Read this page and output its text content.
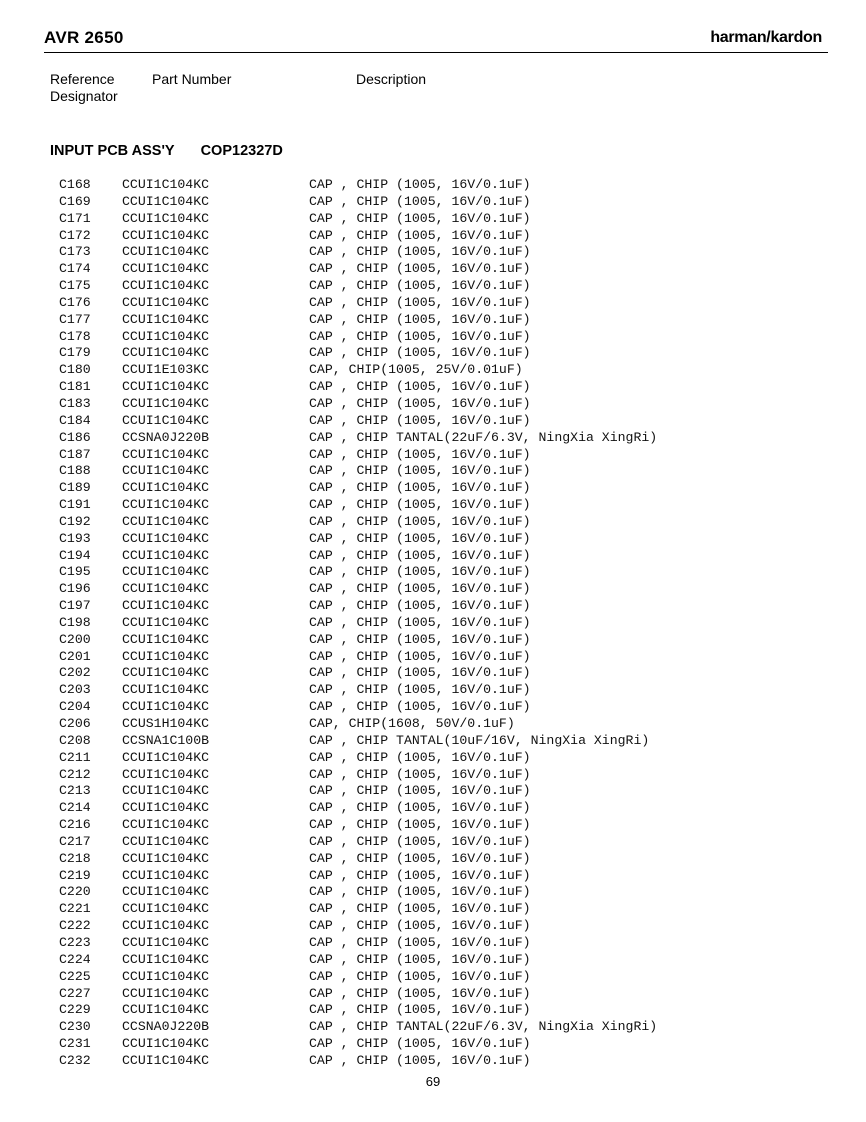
AVR 2650	harman/kardon
Reference
Designator
Part Number	Description
INPUT PCB ASS'Y COP12327D
C168 CCUI1C104KC	CAP , CHIP (1005, 16V/0.1uF)
C169 CCUI1C104KC	CAP , CHIP (1005, 16V/0.1uF)
C171 CCUI1C104KC	CAP , CHIP (1005, 16V/0.1uF)
C172 CCUI1C104KC	CAP , CHIP (1005, 16V/0.1uF)
C173 CCUI1C104KC	CAP , CHIP (1005, 16V/0.1uF)
C174 CCUI1C104KC	CAP , CHIP (1005, 16V/0.1uF)
C175 CCUI1C104KC	CAP , CHIP (1005, 16V/0.1uF)
C176 CCUI1C104KC	CAP , CHIP (1005, 16V/0.1uF)
C177 CCUI1C104KC	CAP , CHIP (1005, 16V/0.1uF)
C178 CCUI1C104KC	CAP , CHIP (1005, 16V/0.1uF)
C179 CCUI1C104KC	CAP , CHIP (1005, 16V/0.1uF)
C180 CCUI1E103KC	CAP, CHIP(1005, 25V/0.01uF)
C181 CCUI1C104KC	CAP , CHIP (1005, 16V/0.1uF)
C183 CCUI1C104KC	CAP , CHIP (1005, 16V/0.1uF)
C184 CCUI1C104KC	CAP , CHIP (1005, 16V/0.1uF)
C186 CCSNA0J220B	CAP , CHIP TANTAL(22uF/6.3V, NingXia XingRi)
C187 CCUI1C104KC	CAP , CHIP (1005, 16V/0.1uF)
C188 CCUI1C104KC	CAP , CHIP (1005, 16V/0.1uF)
C189 CCUI1C104KC	CAP , CHIP (1005, 16V/0.1uF)
C191 CCUI1C104KC	CAP , CHIP (1005, 16V/0.1uF)
C192 CCUI1C104KC	CAP , CHIP (1005, 16V/0.1uF)
C193 CCUI1C104KC	CAP , CHIP (1005, 16V/0.1uF)
C194 CCUI1C104KC	CAP , CHIP (1005, 16V/0.1uF)
C195 CCUI1C104KC	CAP , CHIP (1005, 16V/0.1uF)
C196 CCUI1C104KC	CAP , CHIP (1005, 16V/0.1uF)
C197 CCUI1C104KC	CAP , CHIP (1005, 16V/0.1uF)
C198 CCUI1C104KC	CAP , CHIP (1005, 16V/0.1uF)
C200 CCUI1C104KC	CAP , CHIP (1005, 16V/0.1uF)
C201 CCUI1C104KC	CAP , CHIP (1005, 16V/0.1uF)
C202 CCUI1C104KC	CAP , CHIP (1005, 16V/0.1uF)
C203 CCUI1C104KC	CAP , CHIP (1005, 16V/0.1uF)
C204 CCUI1C104KC	CAP , CHIP (1005, 16V/0.1uF)
C206 CCUS1H104KC	CAP, CHIP(1608, 50V/0.1uF)
C208 CCSNA1C100B	CAP , CHIP TANTAL(10uF/16V, NingXia XingRi)
C211 CCUI1C104KC	CAP , CHIP (1005, 16V/0.1uF)
C212 CCUI1C104KC	CAP , CHIP (1005, 16V/0.1uF)
C213 CCUI1C104KC	CAP , CHIP (1005, 16V/0.1uF)
C214 CCUI1C104KC	CAP , CHIP (1005, 16V/0.1uF)
C216 CCUI1C104KC	CAP , CHIP (1005, 16V/0.1uF)
C217 CCUI1C104KC	CAP , CHIP (1005, 16V/0.1uF)
C218 CCUI1C104KC	CAP , CHIP (1005, 16V/0.1uF)
C219 CCUI1C104KC	CAP , CHIP (1005, 16V/0.1uF)
C220 CCUI1C104KC	CAP , CHIP (1005, 16V/0.1uF)
C221 CCUI1C104KC	CAP , CHIP (1005, 16V/0.1uF)
C222 CCUI1C104KC	CAP , CHIP (1005, 16V/0.1uF)
C223 CCUI1C104KC	CAP , CHIP (1005, 16V/0.1uF)
C224 CCUI1C104KC	CAP , CHIP (1005, 16V/0.1uF)
C225 CCUI1C104KC	CAP , CHIP (1005, 16V/0.1uF)
C227 CCUI1C104KC	CAP , CHIP (1005, 16V/0.1uF)
C229 CCUI1C104KC	CAP , CHIP (1005, 16V/0.1uF)
C230 CCSNA0J220B	CAP , CHIP TANTAL(22uF/6.3V, NingXia XingRi)
C231 CCUI1C104KC	CAP , CHIP (1005, 16V/0.1uF)
C232 CCUI1C104KC	CAP , CHIP (1005, 16V/0.1uF)
69
